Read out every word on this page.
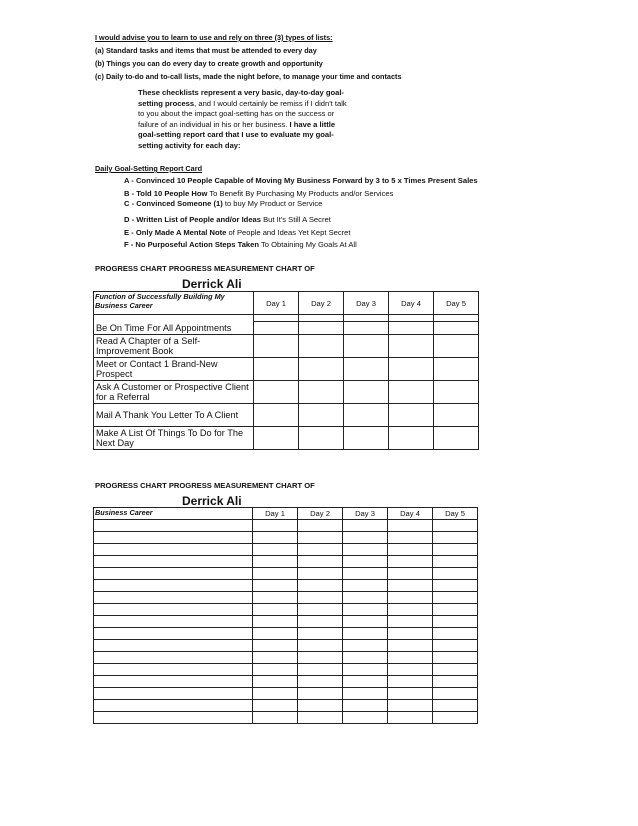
I would advise you to learn to use and rely on three (3) types of lists:
(a) Standard tasks and items that must be attended to every day
(b) Things you can do every day to create growth and opportunity
(c) Daily to-do and to-call lists, made the night before, to manage your time and contacts
These checklists represent a very basic, day-to-day goal-
setting process, and I would certainly be remiss if I didn't talk
to you about the impact goal-setting has on the success or
failure of an individual in his or her business. I have a little
goal-setting report card that I use to evaluate my goal-
setting activity for each day:
Daily Goal-Setting Report Card
A - Convinced 10 People Capable of Moving My Business Forward by 3 to 5 x Times Present Sales
B - Told 10 People How To Benefit By Purchasing My Products and/or Services
C - Convinced Someone (1) to buy My Product or Service
D - Written List of People and/or Ideas But It's Still A Secret
E - Only Made A Mental Note of People and Ideas Yet Kept Secret
F - No Purposeful Action Steps Taken To Obtaining My Goals At All
PROGRESS CHART PROGRESS MEASUREMENT CHART OF
Derrick Ali
Function of Successfully Building My Business Career	Day 1	Day 2	Day 3	Day 4	Day 5

Be On Time For All Appointments					
Read A Chapter of a Self-Improvement Book					
Meet or Contact 1 Brand-New Prospect					
Ask A Customer or Prospective Client for a Referral					
Mail A Thank You Letter To A Client					
Make A List Of Things To Do for The Next Day					
PROGRESS CHART PROGRESS MEASUREMENT CHART OF
Derrick Ali
Business Career	Day 1	Day 2	Day 3	Day 4	Day 5
